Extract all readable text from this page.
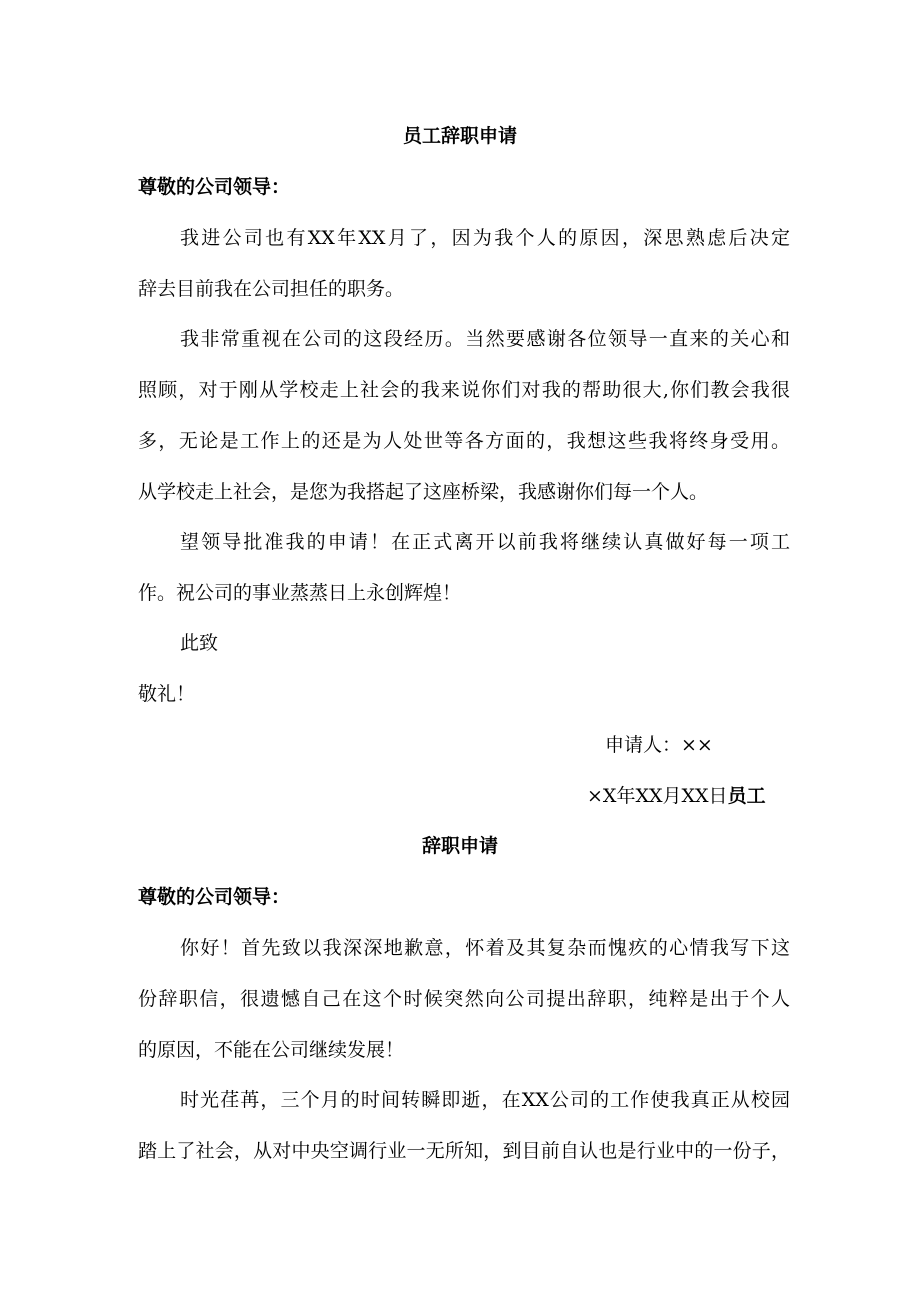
员工辞职申请
尊敬的公司领导：
我进公司也有XX年XX月了，因为我个人的原因，深思熟虑后决定
辞去目前我在公司担任的职务。
我非常重视在公司的这段经历。当然要感谢各位领导一直来的关心和
照顾，对于刚从学校走上社会的我来说你们对我的帮助很大,你们教会我很
多，无论是工作上的还是为人处世等各方面的，我想这些我将终身受用。
从学校走上社会，是您为我搭起了这座桥梁，我感谢你们每一个人。
望领导批准我的申请！在正式离开以前我将继续认真做好每一项工
作。祝公司的事业蒸蒸日上永创辉煌！
此致
敬礼！
申请人：××
×X年XX月XX日员工
辞职申请
尊敬的公司领导：
你好！首先致以我深深地歉意，怀着及其复杂而愧疚的心情我写下这
份辞职信，很遗憾自己在这个时候突然向公司提出辞职，纯粹是出于个人
的原因，不能在公司继续发展！
时光荏苒，三个月的时间转瞬即逝，在XX公司的工作使我真正从校园
踏上了社会，从对中央空调行业一无所知，到目前自认也是行业中的一份子，
